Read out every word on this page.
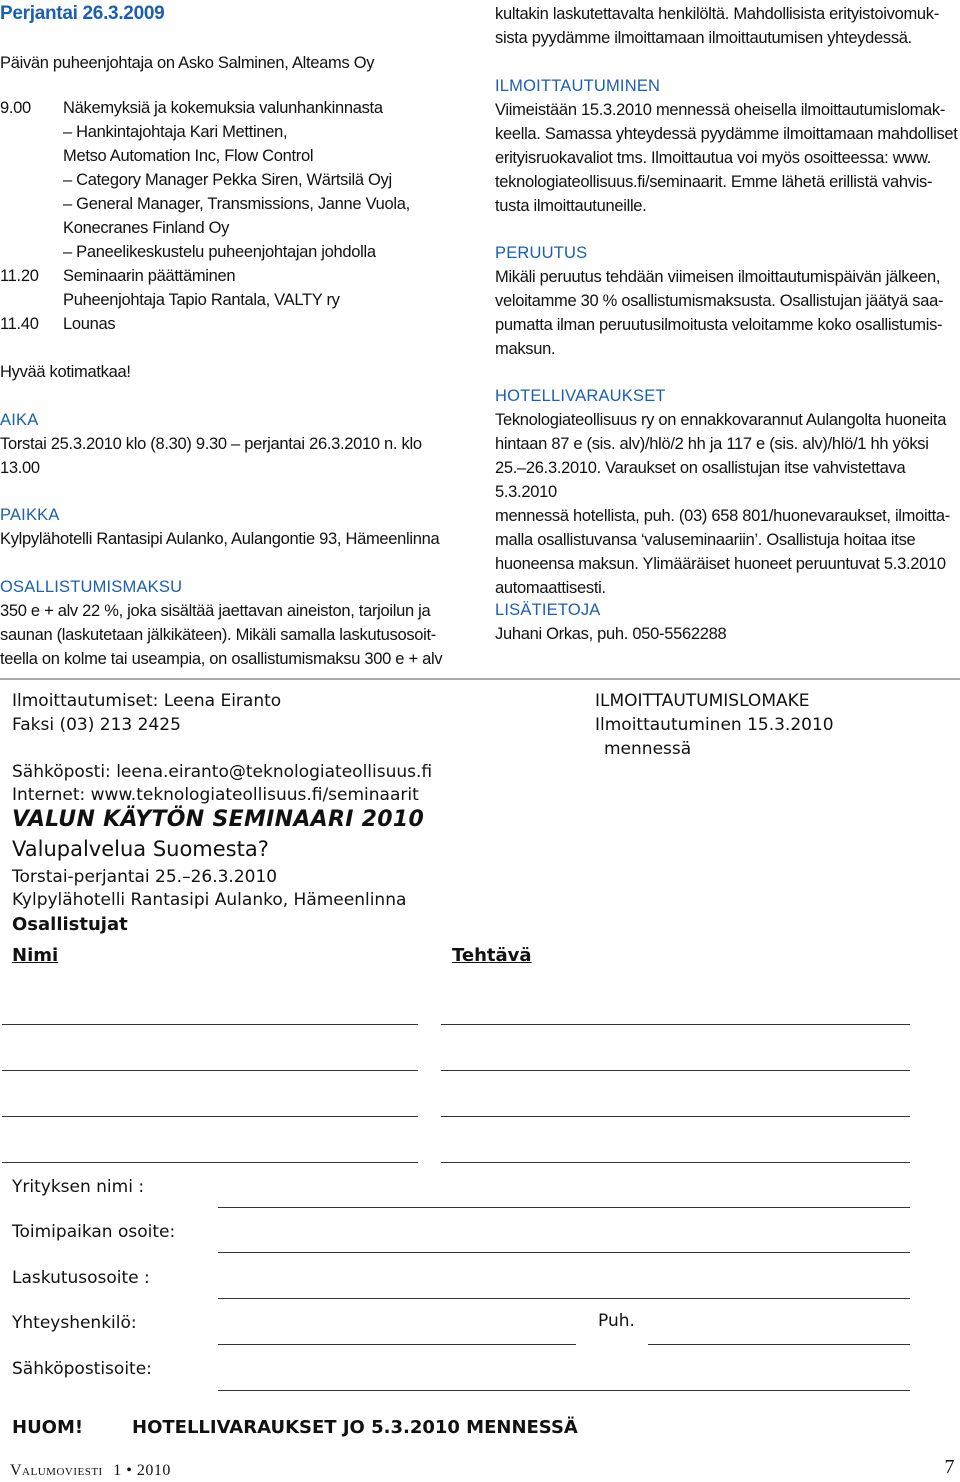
Perjantai 26.3.2009
Päivän puheenjohtaja on Asko Salminen, Alteams Oy
9.00	Näkemyksiä ja kokemuksia valunhankinnasta
– Hankintajohtaja Kari Mettinen,
Metso Automation Inc, Flow Control
– Category Manager Pekka Siren, Wärtsilä Oyj
– General Manager, Transmissions, Janne Vuola,
Konecranes Finland Oy
– Paneelikeskustelu puheenjohtajan johdolla
11.20	Seminaarin päättäminen
Puheenjohtaja Tapio Rantala, VALTY ry
11.40	Lounas
Hyvää kotimatkaa!
AIKA
Torstai 25.3.2010 klo (8.30) 9.30 – perjantai 26.3.2010 n. klo
13.00
PAIKKA
Kylpylähotelli Rantasipi Aulanko, Aulangontie 93, Hämeenlinna
OSALLISTUMISMAKSU
350 e + alv 22 %, joka sisältää jaettavan aineiston, tarjoilun ja
saunan (laskutetaan jälkikäteen). Mikäli samalla laskutusosoit-
teella on kolme tai useampia, on osallistumismaksu 300 e + alv
kultakin laskutettavalta henkilöltä. Mahdollisista erityistoivomuk-
sista pyydämme ilmoittamaan ilmoittautumisen yhteydessä.
ILMOITTAUTUMINEN
Viimeistään 15.3.2010 mennessä oheisella ilmoittautumislomak-
keella. Samassa yhteydessä pyydämme ilmoittamaan mahdolliset
erityisruokavaliot tms. Ilmoittautua voi myös osoitteessa: www.
teknologiateollisuus.fi/seminaarit. Emme lähetä erillistä vahvis-
tusta ilmoittautuneille.
PERUUTUS
Mikäli peruutus tehdään viimeisen ilmoittautumispäivän jälkeen,
veloitamme 30 % osallistumismaksusta. Osallistujan jäätyä saa-
pumatta ilman peruutusilmoitusta veloitamme koko osallistumis-
maksun.
HOTELLIVARAUKSET
Teknologiateollisuus ry on ennakkovarannut Aulangolta huoneita
hintaan 87 e (sis. alv)/hlö/2 hh ja 117 e (sis. alv)/hlö/1 hh yöksi
25.–26.3.2010. Varaukset on osallistujan itse vahvistettava 5.3.2010
mennessä hotellista, puh. (03) 658 801/huonevaraukset, ilmoitta-
malla osallistuvansa ‘valuseminaariin’. Osallistuja hoitaa itse
huoneensa maksun. Ylimääräiset huoneet peruuntuvat 5.3.2010
automaattisesti.
LISÄTIETOJA
Juhani Orkas, puh. 050-5562288
Ilmoittautumiset: Leena Eiranto
Faksi (03) 213 2425
Sähköposti: leena.eiranto@teknologiateollisuus.fi
Internet: www.teknologiateollisuus.fi/seminaarit
VALUN KÄYTÖN SEMINAARI 2010
Valupalvelua Suomesta?
Torstai-perjantai 25.–26.3.2010
Kylpylähotelli Rantasipi Aulanko, Hämeenlinna
Osallistujat
Nimi	Tehtävä
ILMOITTAUTUMISLOMAKE
Ilmoittautuminen 15.3.2010
mennessä
Yrityksen nimi :
Toimipaikan osoite:
Laskutusosoite :
Yhteyshenkilö:	Puh.
Sähköpostisoite:
HUOM!	HOTELLIVARAUKSET JO 5.3.2010 MENNESSÄ
Valumoviesti 1 • 2010	7
